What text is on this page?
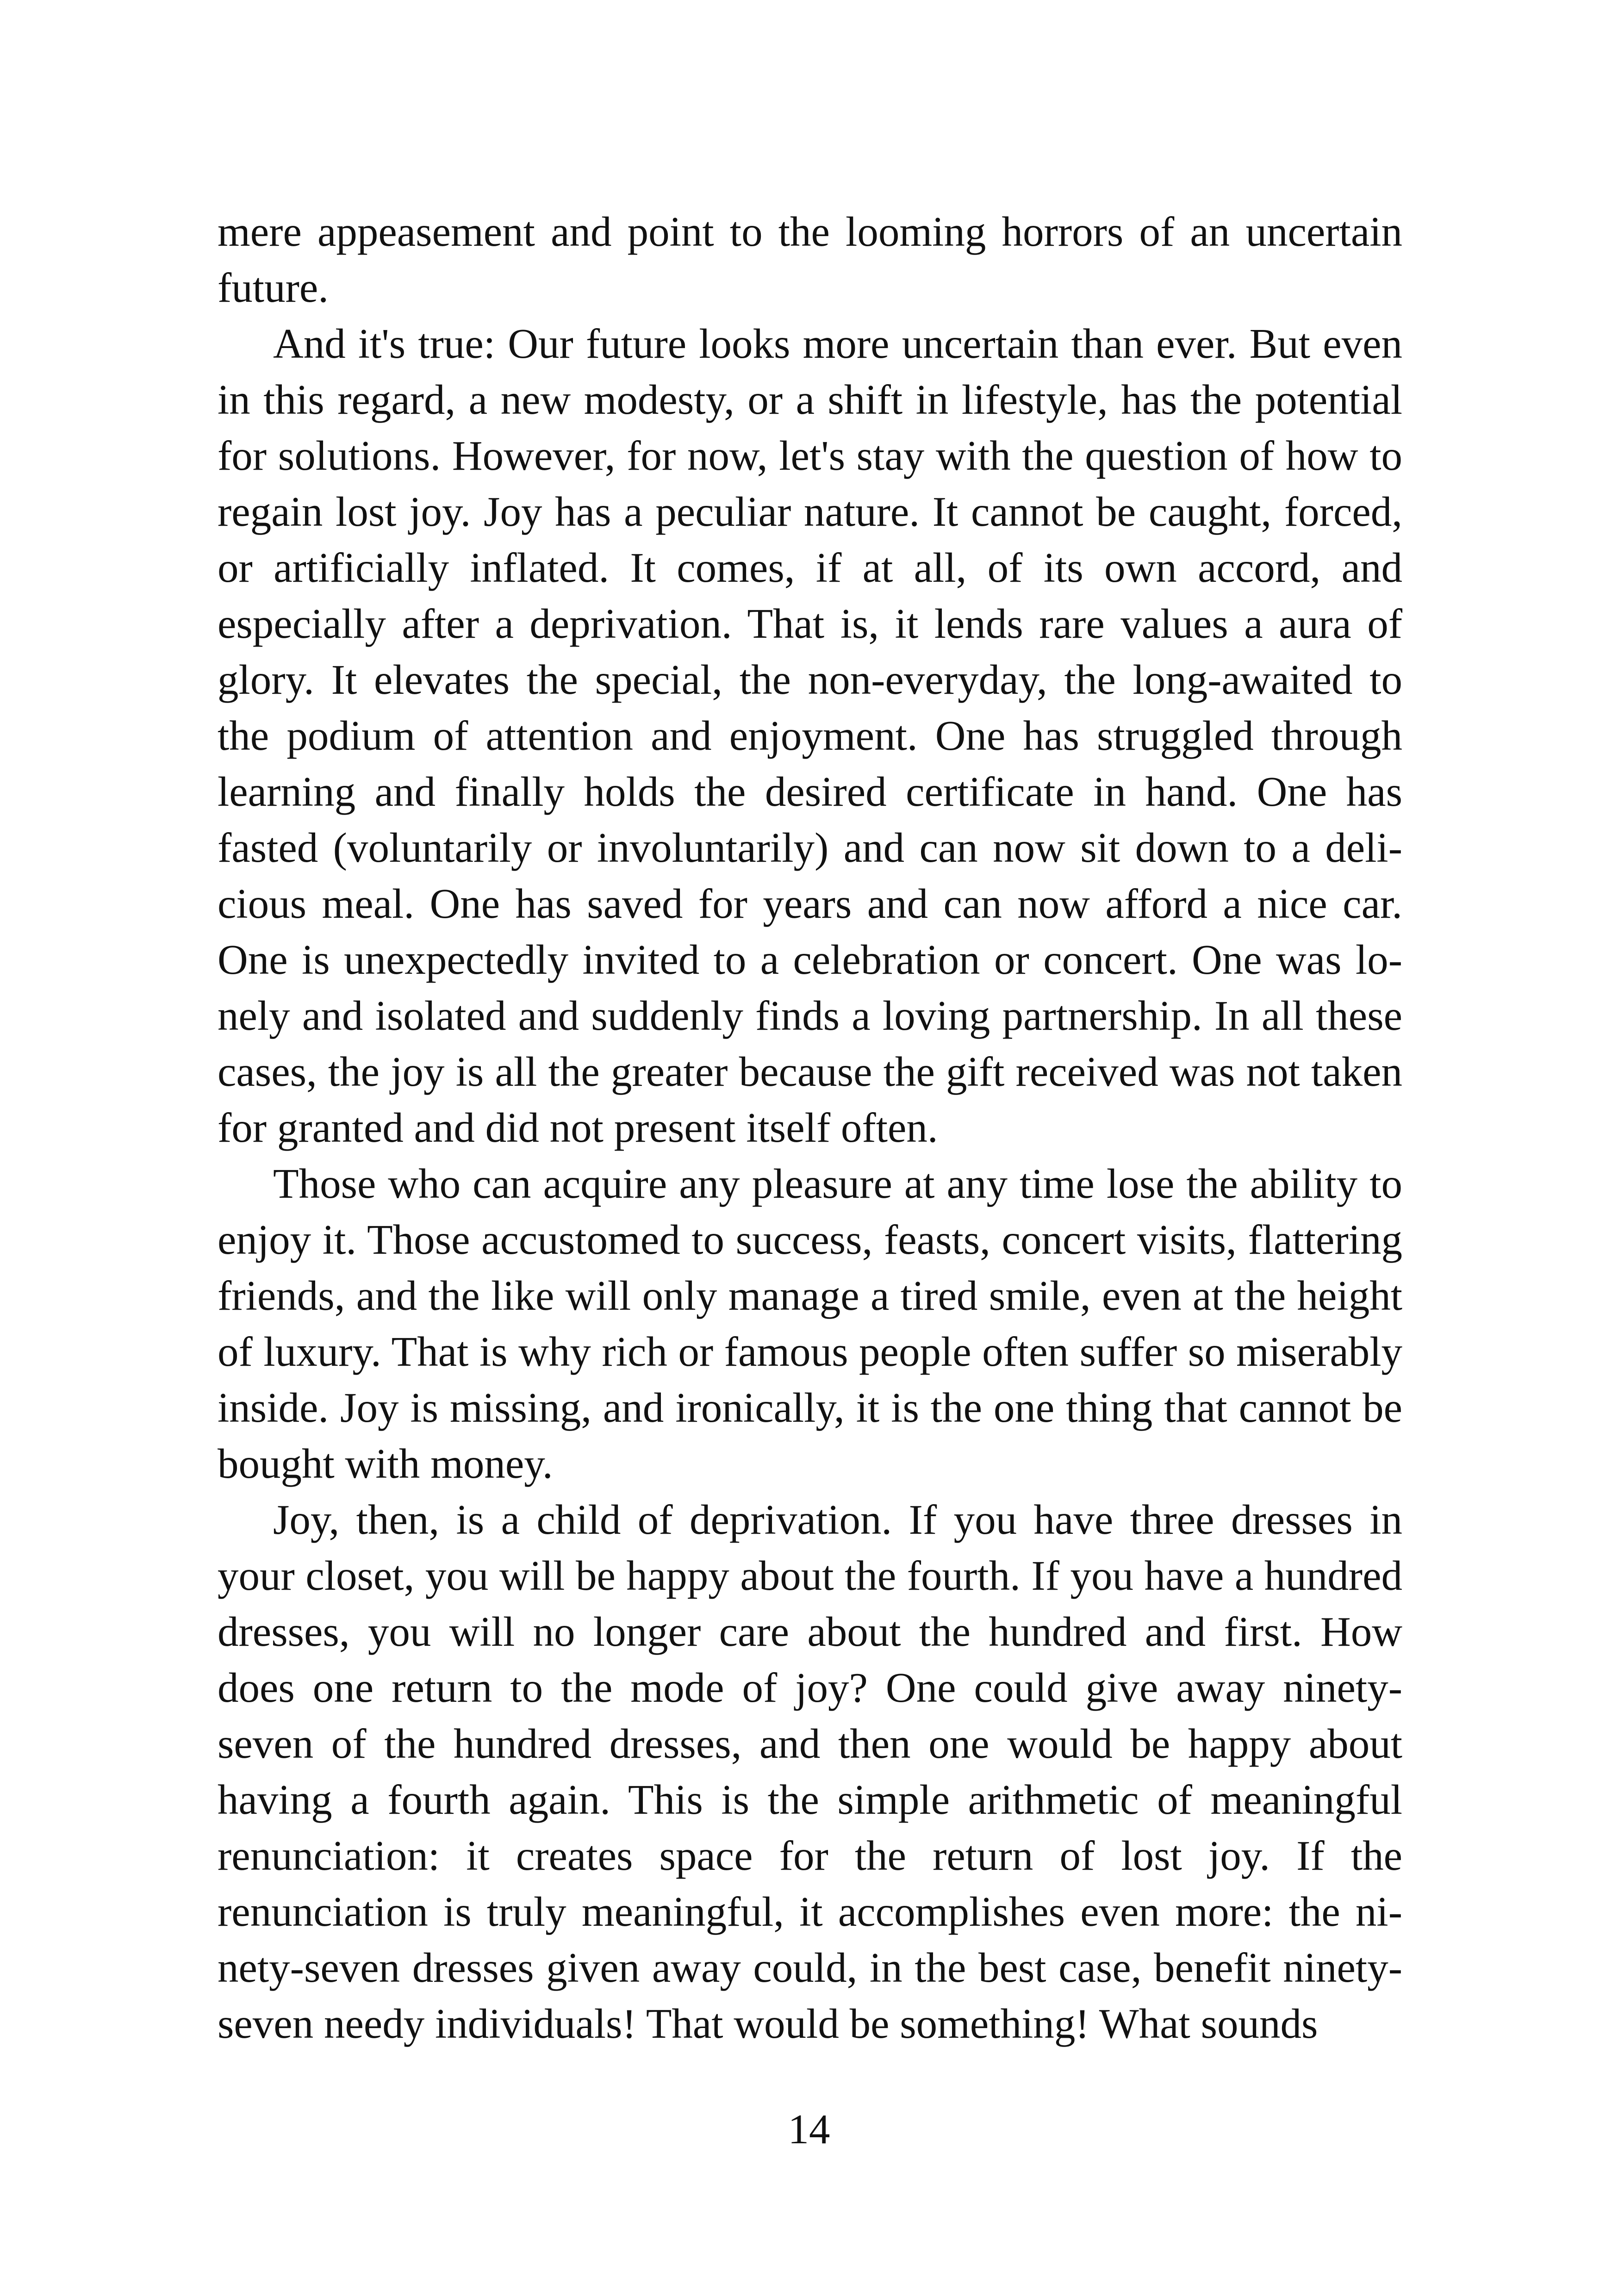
mere appeasement and point to the looming horrors of an uncertain future.

And it's true: Our future looks more uncertain than ever. But even in this regard, a new modesty, or a shift in lifestyle, has the potential for solutions. However, for now, let's stay with the question of how to regain lost joy. Joy has a peculiar nature. It cannot be caught, forced, or artificially inflated. It comes, if at all, of its own accord, and especially after a deprivation. That is, it lends rare values a aura of glory. It elevates the special, the non-everyday, the long-awaited to the podium of attention and enjoyment. One has struggled through learning and finally holds the desired certificate in hand. One has fasted (voluntarily or involuntarily) and can now sit down to a delicious meal. One has saved for years and can now afford a nice car. One is unexpectedly invited to a celebration or concert. One was lonely and isolated and suddenly finds a loving partnership. In all these cases, the joy is all the greater because the gift received was not taken for granted and did not present itself often.

Those who can acquire any pleasure at any time lose the ability to enjoy it. Those accustomed to success, feasts, concert visits, flattering friends, and the like will only manage a tired smile, even at the height of luxury. That is why rich or famous people often suffer so miserably inside. Joy is missing, and ironically, it is the one thing that cannot be bought with money.

Joy, then, is a child of deprivation. If you have three dresses in your closet, you will be happy about the fourth. If you have a hundred dresses, you will no longer care about the hundred and first. How does one return to the mode of joy? One could give away ninety-seven of the hundred dresses, and then one would be happy about having a fourth again. This is the simple arithmetic of meaningful renunciation: it creates space for the return of lost joy. If the renunciation is truly meaningful, it accomplishes even more: the ninety-seven dresses given away could, in the best case, benefit ninety-seven needy individuals! That would be something! What sounds

14
